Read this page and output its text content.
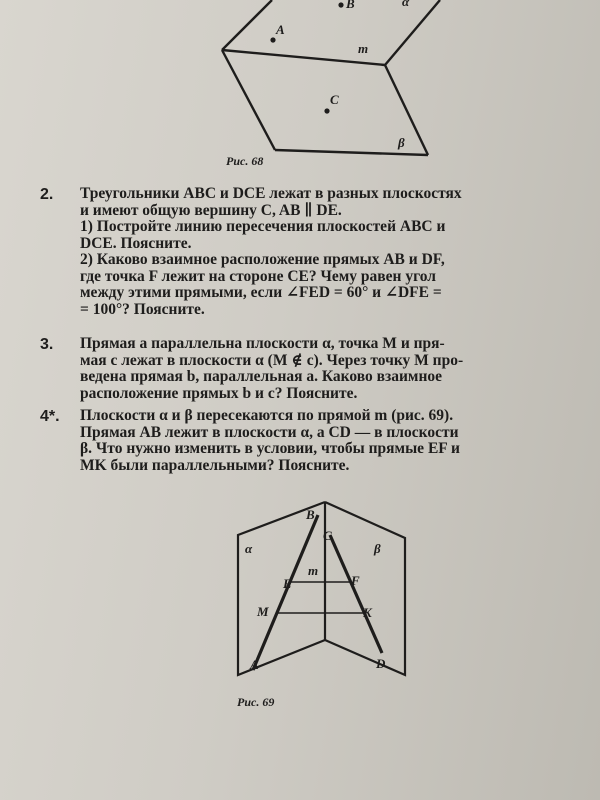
A
B	α
m
C
β
Рис. 68
2. Треугольники ABC и DCE лежат в разных плоскостях
и имеют общую вершину C, AB ∥ DE.
1) Постройте линию пересечения плоскостей ABC и
DCE. Поясните.
2) Каково взаимное расположение прямых AB и DF,
где точка F лежит на стороне CE? Чему равен угол
между этими прямыми, если ∠FED = 60° и ∠DFE =
= 100°? Поясните.
3. Прямая a параллельна плоскости α, точка M и пря-
мая c лежат в плоскости α (M ∉ c). Через точку M про-
ведена прямая b, параллельная a. Каково взаимное
расположение прямых b и c? Поясните.
4*. Плоскости α и β пересекаются по прямой m (рис. 69).
Прямая AB лежит в плоскости α, а CD — в плоскости
β. Что нужно изменить в условии, чтобы прямые EF и
MK были параллельными? Поясните.
B
C
α	β
m
E	F
M	K
A	D
Рис. 69
